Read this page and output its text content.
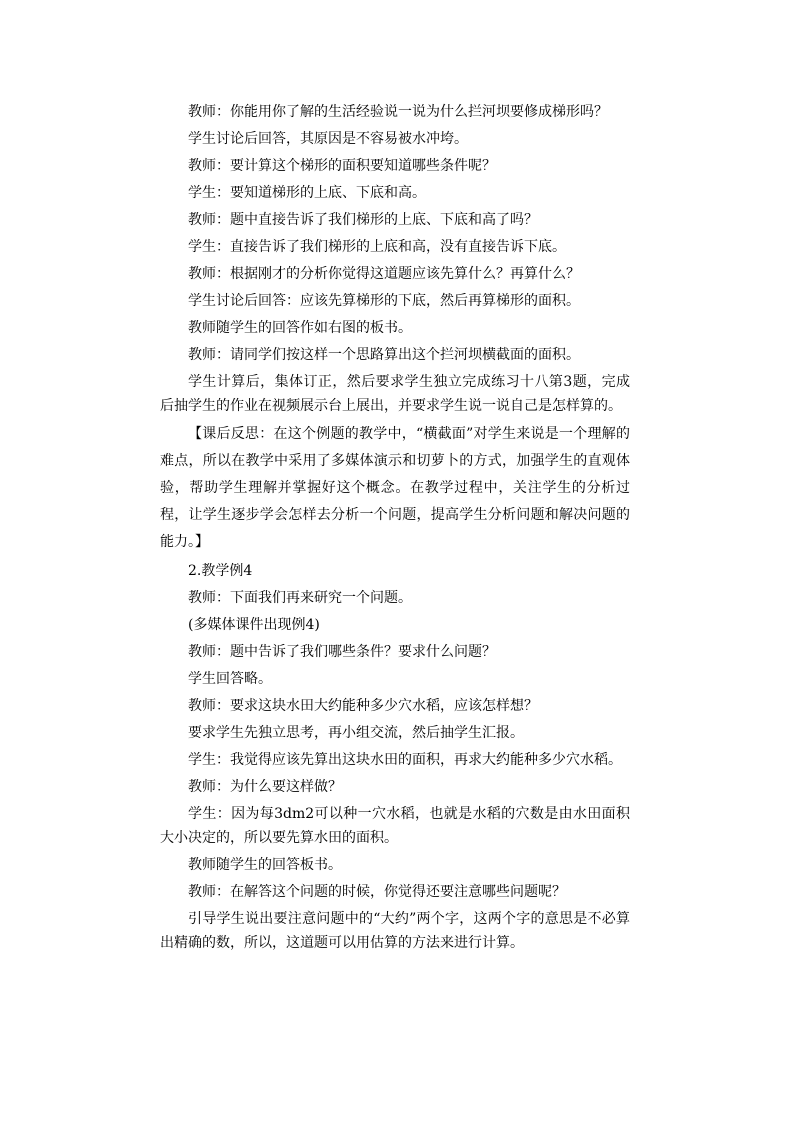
教师：你能用你了解的生活经验说一说为什么拦河坝要修成梯形吗？

学生讨论后回答，其原因是不容易被水冲垮。

教师：要计算这个梯形的面积要知道哪些条件呢？

学生：要知道梯形的上底、下底和高。

教师：题中直接告诉了我们梯形的上底、下底和高了吗？

学生：直接告诉了我们梯形的上底和高，没有直接告诉下底。

教师：根据刚才的分析你觉得这道题应该先算什么？再算什么？

学生讨论后回答：应该先算梯形的下底，然后再算梯形的面积。

教师随学生的回答作如右图的板书。

教师：请同学们按这样一个思路算出这个拦河坝横截面的面积。

学生计算后，集体订正，然后要求学生独立完成练习十八第3题，完成后抽学生的作业在视频展示台上展出，并要求学生说一说自己是怎样算的。

【课后反思：在这个例题的教学中，“横截面”对学生来说是一个理解的难点，所以在教学中采用了多媒体演示和切萝卜的方式，加强学生的直观体验，帮助学生理解并掌握好这个概念。在教学过程中，关注学生的分析过程，让学生逐步学会怎样去分析一个问题，提高学生分析问题和解决问题的能力。】

2.教学例4

教师：下面我们再来研究一个问题。

(多媒体课件出现例4)

教师：题中告诉了我们哪些条件？要求什么问题？

学生回答略。

教师：要求这块水田大约能种多少穴水稻，应该怎样想？

要求学生先独立思考，再小组交流，然后抽学生汇报。

学生：我觉得应该先算出这块水田的面积，再求大约能种多少穴水稻。

教师：为什么要这样做？

学生：因为每3dm2可以种一穴水稻，也就是水稻的穴数是由水田面积大小决定的，所以要先算水田的面积。

教师随学生的回答板书。

教师：在解答这个问题的时候，你觉得还要注意哪些问题呢？

引导学生说出要注意问题中的“大约”两个字，这两个字的意思是不必算出精确的数，所以，这道题可以用估算的方法来进行计算。
